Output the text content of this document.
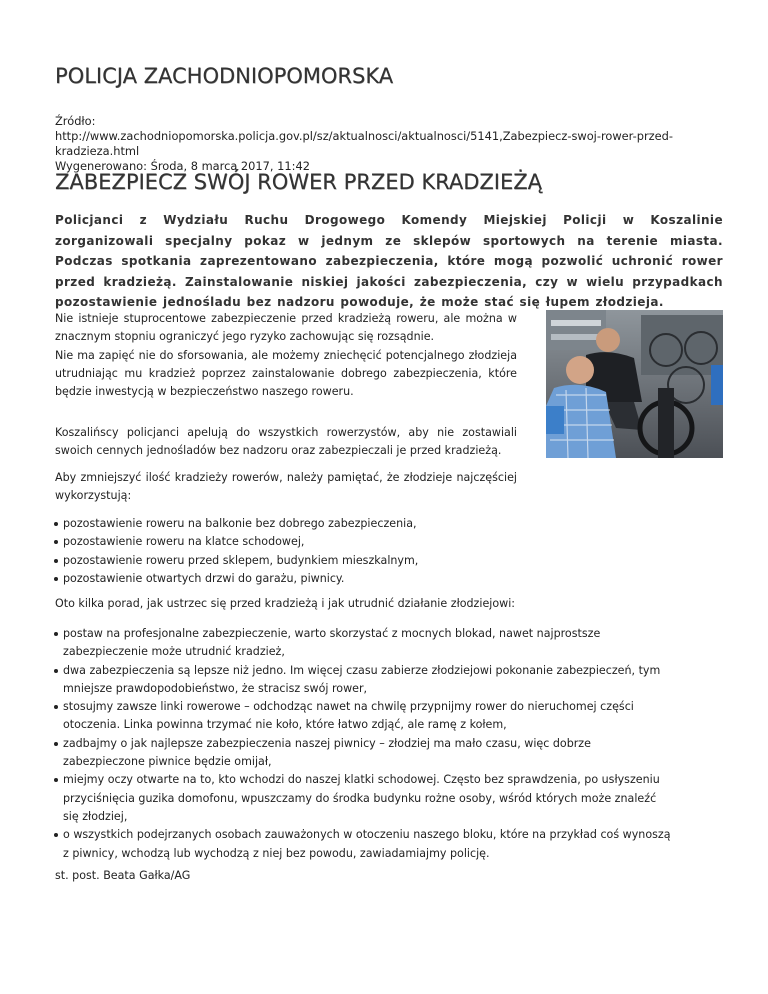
POLICJA ZACHODNIOPOMORSKA
Źródło:
http://www.zachodniopomorska.policja.gov.pl/sz/aktualnosci/aktualnosci/5141,Zabezpiecz-swoj-rower-przed-kradzieza.html
Wygenerowano: Środa, 8 marca 2017, 11:42
ZABEZPIECZ SWÓJ ROWER PRZED KRADZIEŻĄ
Policjanci z Wydziału Ruchu Drogowego Komendy Miejskiej Policji w Koszalinie zorganizowali specjalny pokaz w jednym ze sklepów sportowych na terenie miasta. Podczas spotkania zaprezentowano zabezpieczenia, które mogą pozwolić uchronić rower przed kradzieżą. Zainstalowanie niskiej jakości zabezpieczenia, czy w wielu przypadkach pozostawienie jednośladu bez nadzoru powoduje, że może stać się łupem złodzieja.
Nie istnieje stuprocentowe zabezpieczenie przed kradzieżą roweru, ale można w znacznym stopniu ograniczyć jego ryzyko zachowując się rozsądnie.
Nie ma zapięć nie do sforsowania, ale możemy zniechęcić potencjalnego złodzieja utrudniając mu kradzież poprzez zainstalowanie dobrego zabezpieczenia, które będzie inwestycją w bezpieczeństwo naszego roweru.
Koszalińscy policjanci apelują do wszystkich rowerzystów, aby nie zostawiali swoich cennych jednośladów bez nadzoru oraz zabezpieczali je przed kradzieżą.
Aby zmniejszyć ilość kradzieży rowerów, należy pamiętać, że złodzieje najczęściej wykorzystują:
pozostawienie roweru na balkonie bez dobrego zabezpieczenia,
pozostawienie roweru na klatce schodowej,
pozostawienie roweru przed sklepem, budynkiem mieszkalnym,
pozostawienie otwartych drzwi do garażu, piwnicy.
Oto kilka porad, jak ustrzec się przed kradzieżą i jak utrudnić działanie złodziejowi:
postaw na profesjonalne zabezpieczenie, warto skorzystać z mocnych blokad, nawet najprostsze zabezpieczenie może utrudnić kradzież,
dwa zabezpieczenia są lepsze niż jedno. Im więcej czasu zabierze złodziejowi pokonanie zabezpieczeń, tym mniejsze prawdopodobieństwo, że stracisz swój rower,
stosujmy zawsze linki rowerowe – odchodząc nawet na chwilę przypnijmy rower do nieruchomej części otoczenia. Linka powinna trzymać nie koło, które łatwo zdjąć, ale ramę z kołem,
zadbajmy o jak najlepsze zabezpieczenia naszej piwnicy – złodziej ma mało czasu, więc dobrze zabezpieczone piwnice będzie omijał,
miejmy oczy otwarte na to, kto wchodzi do naszej klatki schodowej. Często bez sprawdzenia, po usłyszeniu przyciśnięcia guzika domofonu, wpuszczamy do środka budynku rożne osoby, wśród których może znaleźć się złodziej,
o wszystkich podejrzanych osobach zauważonych w otoczeniu naszego bloku, które na przykład coś wynoszą z piwnicy, wchodzą lub wychodzą z niej bez powodu, zawiadamiajmy policję.
st. post. Beata Gałka/AG
